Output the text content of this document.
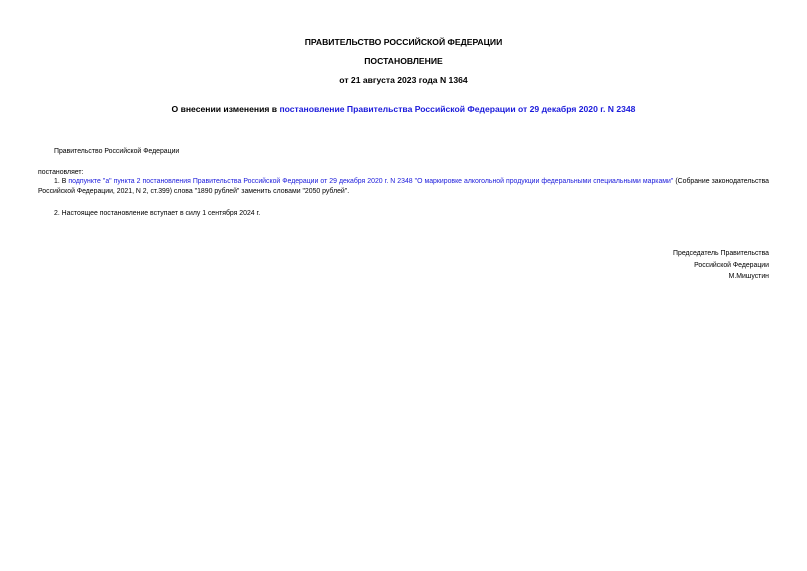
ПРАВИТЕЛЬСТВО РОССИЙСКОЙ ФЕДЕРАЦИИ
ПОСТАНОВЛЕНИЕ
от 21 августа 2023 года N 1364
О внесении изменения в постановление Правительства Российской Федерации от 29 декабря 2020 г. N 2348
Правительство Российской Федерации
постановляет:
1. В подпункте "а" пункта 2 постановления Правительства Российской Федерации от 29 декабря 2020 г. N 2348 "О маркировке алкогольной продукции федеральными специальными марками" (Собрание законодательства Российской Федерации, 2021, N 2, ст.399) слова "1890 рублей" заменить словами "2050 рублей".
2. Настоящее постановление вступает в силу 1 сентября 2024 г.
Председатель Правительства
Российской Федерации
М.Мишустин
